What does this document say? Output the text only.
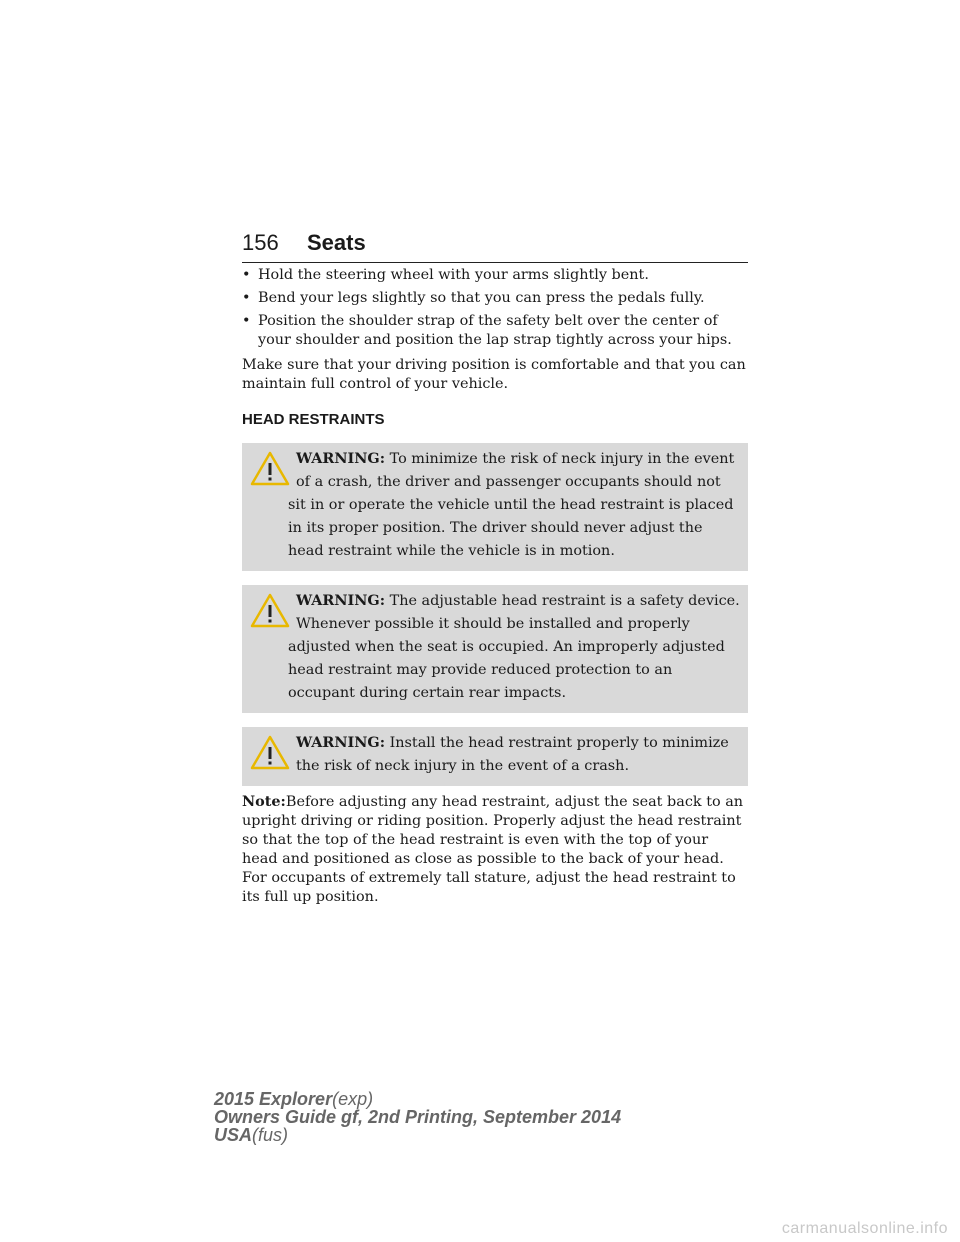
156 Seats
• Hold the steering wheel with your arms slightly bent.
• Bend your legs slightly so that you can press the pedals fully.
• Position the shoulder strap of the safety belt over the center of your shoulder and position the lap strap tightly across your hips.

Make sure that your driving position is comfortable and that you can maintain full control of your vehicle.

HEAD RESTRAINTS
WARNING: To minimize the risk of neck injury in the event of a crash, the driver and passenger occupants should not sit in or operate the vehicle until the head restraint is placed in its proper position. The driver should never adjust the head restraint while the vehicle is in motion.
WARNING: The adjustable head restraint is a safety device. Whenever possible it should be installed and properly adjusted when the seat is occupied. An improperly adjusted head restraint may provide reduced protection to an occupant during certain rear impacts.
WARNING: Install the head restraint properly to minimize the risk of neck injury in the event of a crash.

Note:Before adjusting any head restraint, adjust the seat back to an upright driving or riding position. Properly adjust the head restraint so that the top of the head restraint is even with the top of your head and positioned as close as possible to the back of your head. For occupants of extremely tall stature, adjust the head restraint to its full up position.

2015 Explorer(exp)
Owners Guide gf, 2nd Printing, September 2014
USA(fus)
carmanualsonline.info
